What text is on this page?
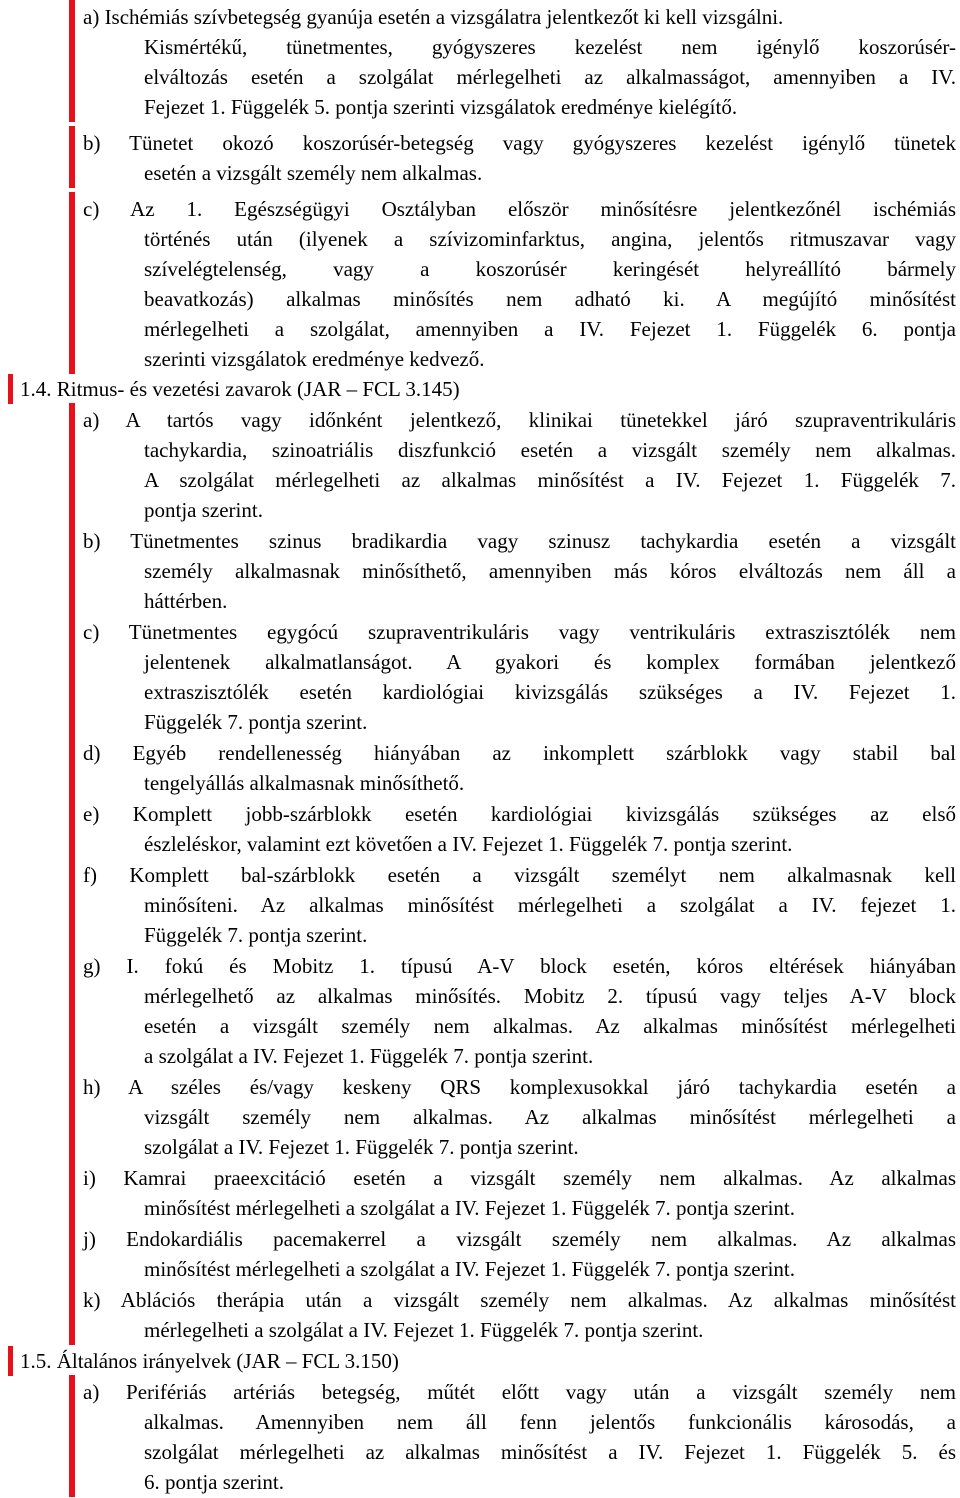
a) Ischémiás szívbetegség gyanúja esetén a vizsgálatra jelentkezőt ki kell vizsgálni.
Kismértékű, tünetmentes, gyógyszeres kezelést nem igénylő koszorúsér-
elváltozás esetén a szolgálat mérlegelheti az alkalmasságot, amennyiben a IV.
Fejezet 1. Függelék 5. pontja szerinti vizsgálatok eredménye kielégítő.
b) Tünetet okozó koszorúsér-betegség vagy gyógyszeres kezelést igénylő tünetek
esetén a vizsgált személy nem alkalmas.
c) Az 1. Egészségügyi Osztályban először minősítésre jelentkezőnél ischémiás
történés után (ilyenek a szívizominfarktus, angina, jelentős ritmuszavar vagy
szívelégtelenség, vagy a koszorúsér keringését helyreállító bármely
beavatkozás) alkalmas minősítés nem adható ki. A megújító minősítést
mérlegelheti a szolgálat, amennyiben a IV. Fejezet 1. Függelék 6. pontja
szerinti vizsgálatok eredménye kedvező.
1.4. Ritmus- és vezetési zavarok (JAR – FCL 3.145)
a) A tartós vagy időnként jelentkező, klinikai tünetekkel járó szupraventrikuláris
tachykardia, szinoatriális diszfunkció esetén a vizsgált személy nem alkalmas.
A szolgálat mérlegelheti az alkalmas minősítést a IV. Fejezet 1. Függelék 7.
pontja szerint.
b) Tünetmentes szinus bradikardia vagy szinusz tachykardia esetén a vizsgált
személy alkalmasnak minősíthető, amennyiben más kóros elváltozás nem áll a
háttérben.
c) Tünetmentes egygócú szupraventrikuláris vagy ventrikuláris extraszisztólék nem
jelentenek alkalmatlanságot. A gyakori és komplex formában jelentkező
extraszisztólék esetén kardiológiai kivizsgálás szükséges a IV. Fejezet 1.
Függelék 7. pontja szerint.
d) Egyéb rendellenesség hiányában az inkomplett szárblokk vagy stabil bal
tengelyállás alkalmasnak minősíthető.
e) Komplett jobb-szárblokk esetén kardiológiai kivizsgálás szükséges az első
észleléskor, valamint ezt követően a IV. Fejezet 1. Függelék 7. pontja szerint.
f) Komplett bal-szárblokk esetén a vizsgált személyt nem alkalmasnak kell
minősíteni. Az alkalmas minősítést mérlegelheti a szolgálat a IV. fejezet 1.
Függelék 7. pontja szerint.
g) I. fokú és Mobitz 1. típusú A-V block esetén, kóros eltérések hiányában
mérlegelhető az alkalmas minősítés. Mobitz 2. típusú vagy teljes A-V block
esetén a vizsgált személy nem alkalmas. Az alkalmas minősítést mérlegelheti
a szolgálat a IV. Fejezet 1. Függelék 7. pontja szerint.
h) A széles és/vagy keskeny QRS komplexusokkal járó tachykardia esetén a
vizsgált személy nem alkalmas. Az alkalmas minősítést mérlegelheti a
szolgálat a IV. Fejezet 1. Függelék 7. pontja szerint.
i) Kamrai praeexcitáció esetén a vizsgált személy nem alkalmas. Az alkalmas
minősítést mérlegelheti a szolgálat a IV. Fejezet 1. Függelék 7. pontja szerint.
j) Endokardiális pacemakerrel a vizsgált személy nem alkalmas. Az alkalmas
minősítést mérlegelheti a szolgálat a IV. Fejezet 1. Függelék 7. pontja szerint.
k) Ablációs therápia után a vizsgált személy nem alkalmas. Az alkalmas minősítést
mérlegelheti a szolgálat a IV. Fejezet 1. Függelék 7. pontja szerint.
1.5. Általános irányelvek (JAR – FCL 3.150)
a) Perifériás artériás betegség, műtét előtt vagy után a vizsgált személy nem
alkalmas. Amennyiben nem áll fenn jelentős funkcionális károsodás, a
szolgálat mérlegelheti az alkalmas minősítést a IV. Fejezet 1. Függelék 5. és
6. pontja szerint.
